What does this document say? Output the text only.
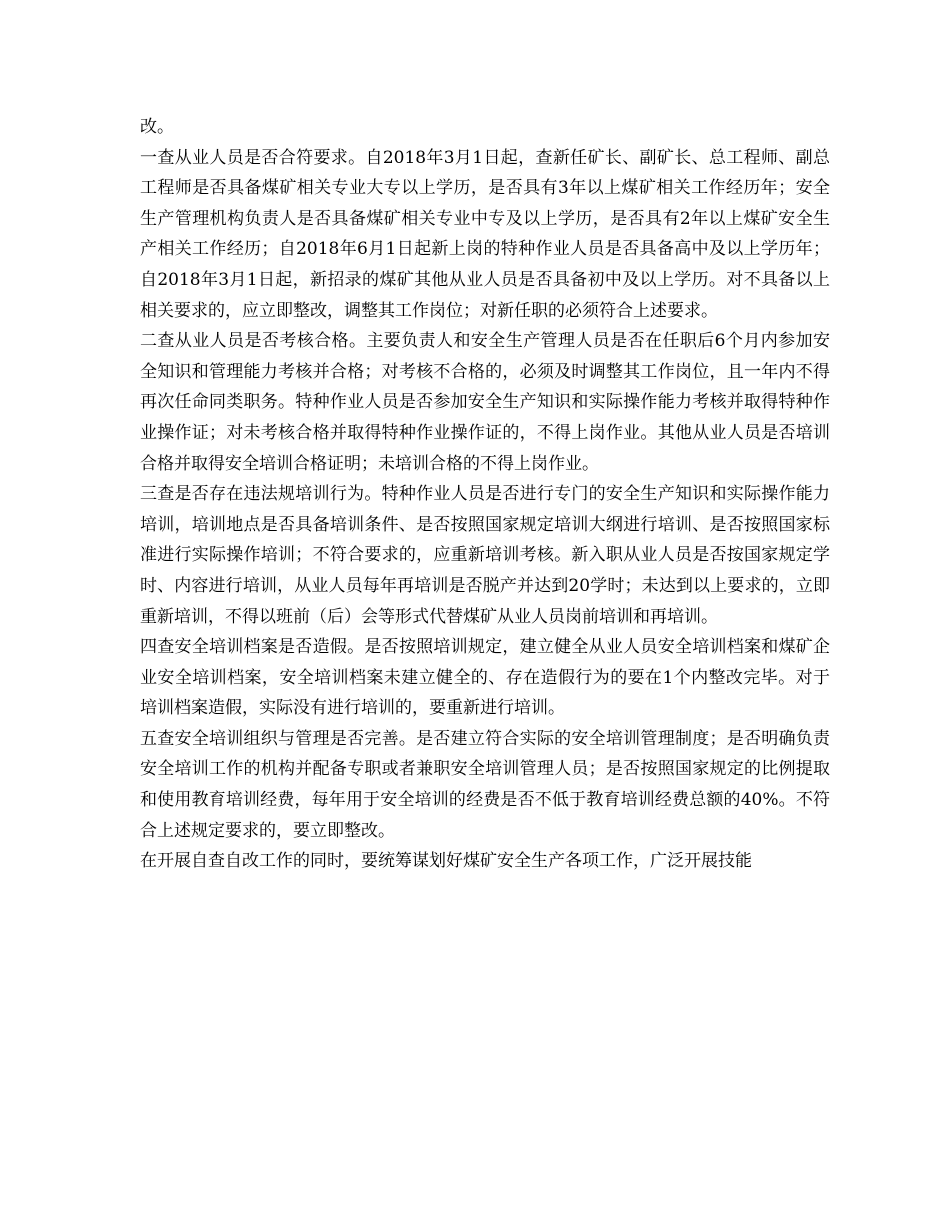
改。

一查从业人员是否合符要求。自2018年3月1日起，查新任矿长、副矿长、总工程师、副总工程师是否具备煤矿相关专业大专以上学历，是否具有3年以上煤矿相关工作经历年；安全生产管理机构负责人是否具备煤矿相关专业中专及以上学历，是否具有2年以上煤矿安全生产相关工作经历；自2018年6月1日起新上岗的特种作业人员是否具备高中及以上学历年；自2018年3月1日起，新招录的煤矿其他从业人员是否具备初中及以上学历。对不具备以上相关要求的，应立即整改，调整其工作岗位；对新任职的必须符合上述要求。

二查从业人员是否考核合格。主要负责人和安全生产管理人员是否在任职后6个月内参加安全知识和管理能力考核并合格；对考核不合格的，必须及时调整其工作岗位，且一年内不得再次任命同类职务。特种作业人员是否参加安全生产知识和实际操作能力考核并取得特种作业操作证；对未考核合格并取得特种作业操作证的，不得上岗作业。其他从业人员是否培训合格并取得安全培训合格证明；未培训合格的不得上岗作业。

三查是否存在违法规培训行为。特种作业人员是否进行专门的安全生产知识和实际操作能力培训，培训地点是否具备培训条件、是否按照国家规定培训大纲进行培训、是否按照国家标准进行实际操作培训；不符合要求的，应重新培训考核。新入职从业人员是否按国家规定学时、内容进行培训，从业人员每年再培训是否脱产并达到20学时；未达到以上要求的，立即重新培训，不得以班前（后）会等形式代替煤矿从业人员岗前培训和再培训。

四查安全培训档案是否造假。是否按照培训规定，建立健全从业人员安全培训档案和煤矿企业安全培训档案，安全培训档案未建立健全的、存在造假行为的要在1个内整改完毕。对于培训档案造假，实际没有进行培训的，要重新进行培训。

五查安全培训组织与管理是否完善。是否建立符合实际的安全培训管理制度；是否明确负责安全培训工作的机构并配备专职或者兼职安全培训管理人员；是否按照国家规定的比例提取和使用教育培训经费，每年用于安全培训的经费是否不低于教育培训经费总额的40%。不符合上述规定要求的，要立即整改。

在开展自查自改工作的同时，要统筹谋划好煤矿安全生产各项工作，广泛开展技能
